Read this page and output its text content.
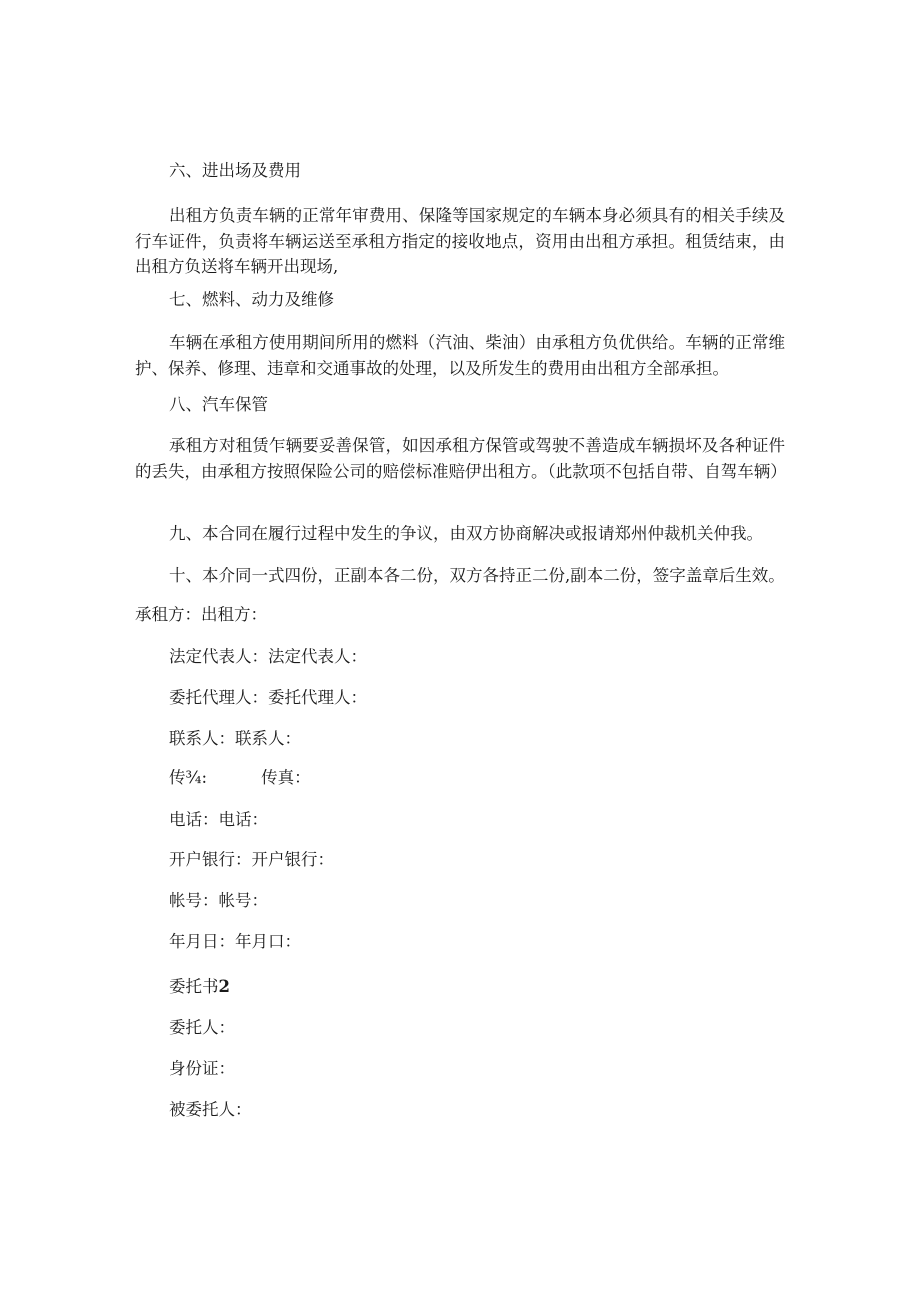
六、进出场及费用
出租方负责车辆的正常年审费用、保隆等国家规定的车辆本身必须具有的相关手续及行车证件，负责将车辆运送至承租方指定的接收地点，资用由出租方承担。租赁结束，由出租方负送将车辆开出现场,
七、燃料、动力及维修
车辆在承租方使用期间所用的燃料（汽油、柴油）由承租方负优供给。车辆的正常维护、保养、修理、违章和交通事故的处理，以及所发生的费用由出租方全部承担。
八、汽车保管
承租方对租赁乍辆要妥善保管，如因承租方保管或驾驶不善造成车辆损坏及各种证件的丢失，由承租方按照保险公司的赔偿标准赔伊出租方。（此款项不包括自带、自驾车辆）
九、本合同在履行过程中发生的争议，由双方协商解决或报请郑州仲裁机关仲我。
十、本介同一式四份，正副本各二份，双方各持正二份,副本二份，签字盖章后生效。
承租方：出租方：
法定代表人：法定代表人：
委托代理人：委托代理人：
联系人：联系人：
传¾:	传真：
电话：电话：
开户银行：开户银行：
帐号：帐号：
年月日：年月口：
委托书2
委托人：
身份证：
被委托人：
